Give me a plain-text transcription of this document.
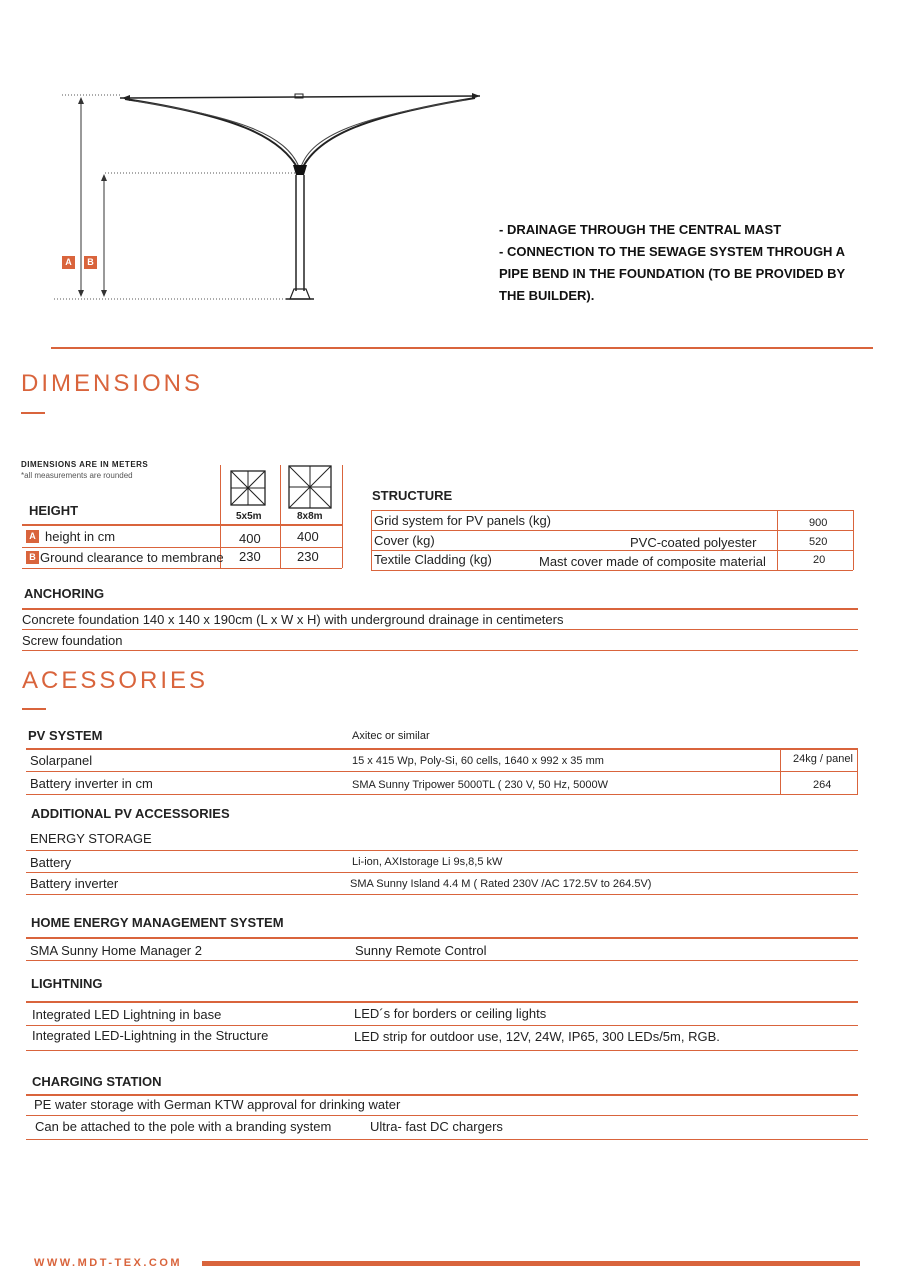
A	B
- DRAINAGE THROUGH THE CENTRAL MAST
- CONNECTION TO THE SEWAGE SYSTEM THROUGH A
PIPE BEND IN THE FOUNDATION (TO BE PROVIDED BY
THE BUILDER).
DIMENSIONS
DIMENSIONS ARE IN METERS
*all measurements are rounded
5x5m	8x8m
HEIGHT
A height in cm	400	400
B Ground clearance to membrane 230	230
STRUCTURE
Grid system for PV panels (kg)	900
Cover (kg)	PVC-coated polyester	520
Textile Cladding (kg)	Mast cover made of composite material	20
ANCHORING
Concrete foundation 140 x 140 x 190cm (L x W x H) with underground drainage in centimeters
Screw foundation
ACESSORIES
PV SYSTEM	Axitec or similar
Solarpanel	15 x 415 Wp, Poly-Si, 60 cells, 1640 x 992 x 35 mm	24kg / panel
Battery inverter in cm	SMA Sunny Tripower 5000TL ( 230 V, 50 Hz, 5000W	264
ADDITIONAL PV ACCESSORIES
ENERGY STORAGE
Battery	Li-ion, AXIstorage Li 9s,8,5 kW
Battery inverter	SMA Sunny Island 4.4 M ( Rated 230V /AC 172.5V to 264.5V)
HOME ENERGY MANAGEMENT SYSTEM
SMA Sunny Home Manager 2	Sunny Remote Control
LIGHTNING
Integrated LED Lightning in base	LED´s for borders or ceiling lights
Integrated LED-Lightning in the Structure	LED strip for outdoor use, 12V, 24W, IP65, 300 LEDs/5m, RGB.
CHARGING STATION
PE water storage with German KTW approval for drinking water
Can be attached to the pole with a branding system	Ultra- fast DC chargers
WWW.MDT-TEX.COM
